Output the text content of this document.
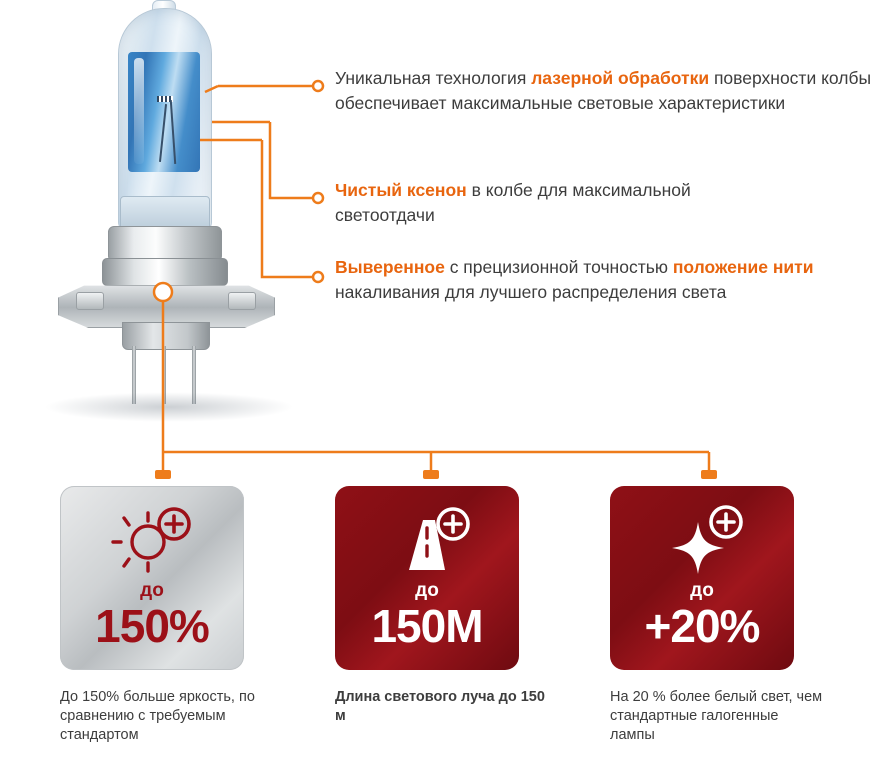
Уникальная технология лазерной обработки поверхности колбы обеспечивает максимальные световые характеристики
Чистый ксенон в колбе для максимальной светоотдачи
Выверенное с прецизионной точностью положение нити накаливания для лучшего распределения света
до
150%
До 150% больше яркость, по сравнению с требуемым стандартом
до
150M
Длина светового луча до 150 м
до
+20%
На 20 % более белый свет, чем стандартные галогенные лампы
